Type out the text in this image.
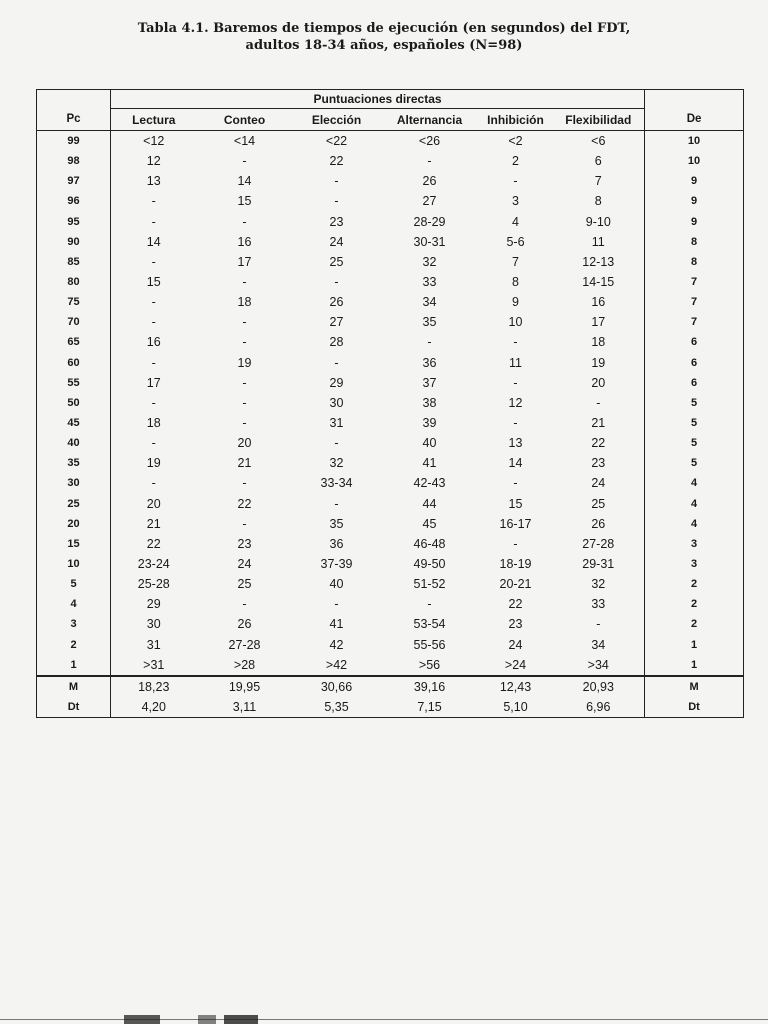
Tabla 4.1. Baremos de tiempos de ejecución (en segundos) del FDT,
adultos 18-34 años, españoles (N=98)
	Puntuaciones directas						
Pc	Lectura	Conteo	Elección	Alternancia	Inhibición	Flexibilidad	De
99	<12	<14	<22	<26	<2	<6	10
98	12	-	22	-	2	6	10
97	13	14	-	26	-	7	9
96	-	15	-	27	3	8	9
95	-	-	23	28-29	4	9-10	9
90	14	16	24	30-31	5-6	11	8
85	-	17	25	32	7	12-13	8
80	15	-	-	33	8	14-15	7
75	-	18	26	34	9	16	7
70	-	-	27	35	10	17	7
65	16	-	28	-	-	18	6
60	-	19	-	36	11	19	6
55	17	-	29	37	-	20	6
50	-	-	30	38	12	-	5
45	18	-	31	39	-	21	5
40	-	20	-	40	13	22	5
35	19	21	32	41	14	23	5
30	-	-	33-34	42-43	-	24	4
25	20	22	-	44	15	25	4
20	21	-	35	45	16-17	26	4
15	22	23	36	46-48	-	27-28	3
10	23-24	24	37-39	49-50	18-19	29-31	3
5	25-28	25	40	51-52	20-21	32	2
4	29	-	-	-	22	33	2
3	30	26	41	53-54	23	-	2
2	31	27-28	42	55-56	24	34	1
1	>31	>28	>42	>56	>24	>34	1
M	18,23	19,95	30,66	39,16	12,43	20,93	M
Dt	4,20	3,11	5,35	7,15	5,10	6,96	Dt
